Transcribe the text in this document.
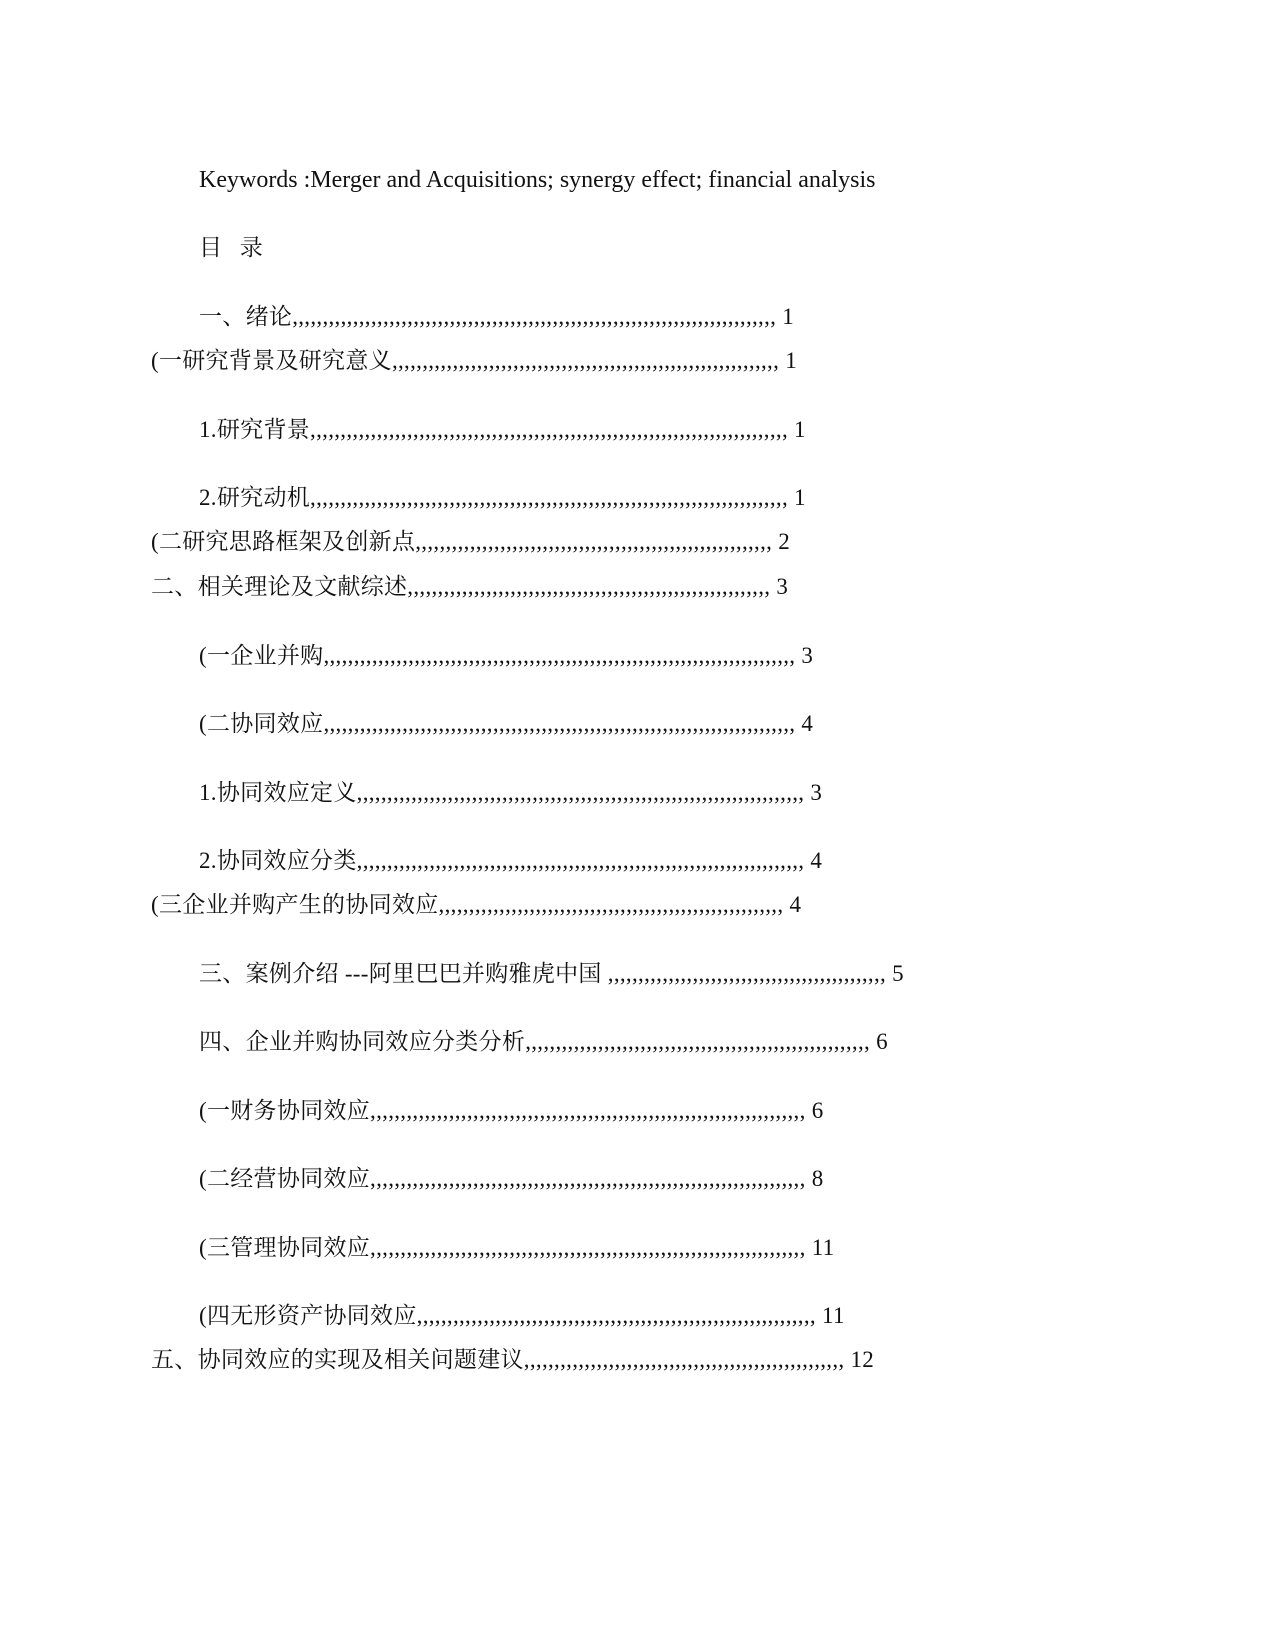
Keywords :Merger and Acquisitions; synergy effect; financial analysis
目 录
一、绪论,,,,,,,,,,,,,,,,,,,,,,,,,,,,,,,,,,,,,,,,,,,,,,,,,,,,,,,,,,,,,,,,,,,,,,,,,,,,,,,, 1
(一研究背景及研究意义,,,,,,,,,,,,,,,,,,,,,,,,,,,,,,,,,,,,,,,,,,,,,,,,,,,,,,,,,,,,,,,, 1
1.研究背景,,,,,,,,,,,,,,,,,,,,,,,,,,,,,,,,,,,,,,,,,,,,,,,,,,,,,,,,,,,,,,,,,,,,,,,,,,,,,,, 1
2.研究动机,,,,,,,,,,,,,,,,,,,,,,,,,,,,,,,,,,,,,,,,,,,,,,,,,,,,,,,,,,,,,,,,,,,,,,,,,,,,,,, 1
(二研究思路框架及创新点,,,,,,,,,,,,,,,,,,,,,,,,,,,,,,,,,,,,,,,,,,,,,,,,,,,,,,,,,,, 2
二、相关理论及文献综述,,,,,,,,,,,,,,,,,,,,,,,,,,,,,,,,,,,,,,,,,,,,,,,,,,,,,,,,,,,, 3
(一企业并购,,,,,,,,,,,,,,,,,,,,,,,,,,,,,,,,,,,,,,,,,,,,,,,,,,,,,,,,,,,,,,,,,,,,,,,,,,,,,, 3
(二协同效应,,,,,,,,,,,,,,,,,,,,,,,,,,,,,,,,,,,,,,,,,,,,,,,,,,,,,,,,,,,,,,,,,,,,,,,,,,,,,, 4
1.协同效应定义,,,,,,,,,,,,,,,,,,,,,,,,,,,,,,,,,,,,,,,,,,,,,,,,,,,,,,,,,,,,,,,,,,,,,,,,,, 3
2.协同效应分类,,,,,,,,,,,,,,,,,,,,,,,,,,,,,,,,,,,,,,,,,,,,,,,,,,,,,,,,,,,,,,,,,,,,,,,,,, 4
(三企业并购产生的协同效应,,,,,,,,,,,,,,,,,,,,,,,,,,,,,,,,,,,,,,,,,,,,,,,,,,,,,,,,, 4
三、案例介绍 ---阿里巴巴并购雅虎中国 ,,,,,,,,,,,,,,,,,,,,,,,,,,,,,,,,,,,,,,,,,,,,,, 5
四、企业并购协同效应分类分析,,,,,,,,,,,,,,,,,,,,,,,,,,,,,,,,,,,,,,,,,,,,,,,,,,,,,,,,, 6
(一财务协同效应,,,,,,,,,,,,,,,,,,,,,,,,,,,,,,,,,,,,,,,,,,,,,,,,,,,,,,,,,,,,,,,,,,,,,,,, 6
(二经营协同效应,,,,,,,,,,,,,,,,,,,,,,,,,,,,,,,,,,,,,,,,,,,,,,,,,,,,,,,,,,,,,,,,,,,,,,,, 8
(三管理协同效应,,,,,,,,,,,,,,,,,,,,,,,,,,,,,,,,,,,,,,,,,,,,,,,,,,,,,,,,,,,,,,,,,,,,,,,, 11
(四无形资产协同效应,,,,,,,,,,,,,,,,,,,,,,,,,,,,,,,,,,,,,,,,,,,,,,,,,,,,,,,,,,,,,,,,,, 11
五、协同效应的实现及相关问题建议,,,,,,,,,,,,,,,,,,,,,,,,,,,,,,,,,,,,,,,,,,,,,,,,,,,,, 12
